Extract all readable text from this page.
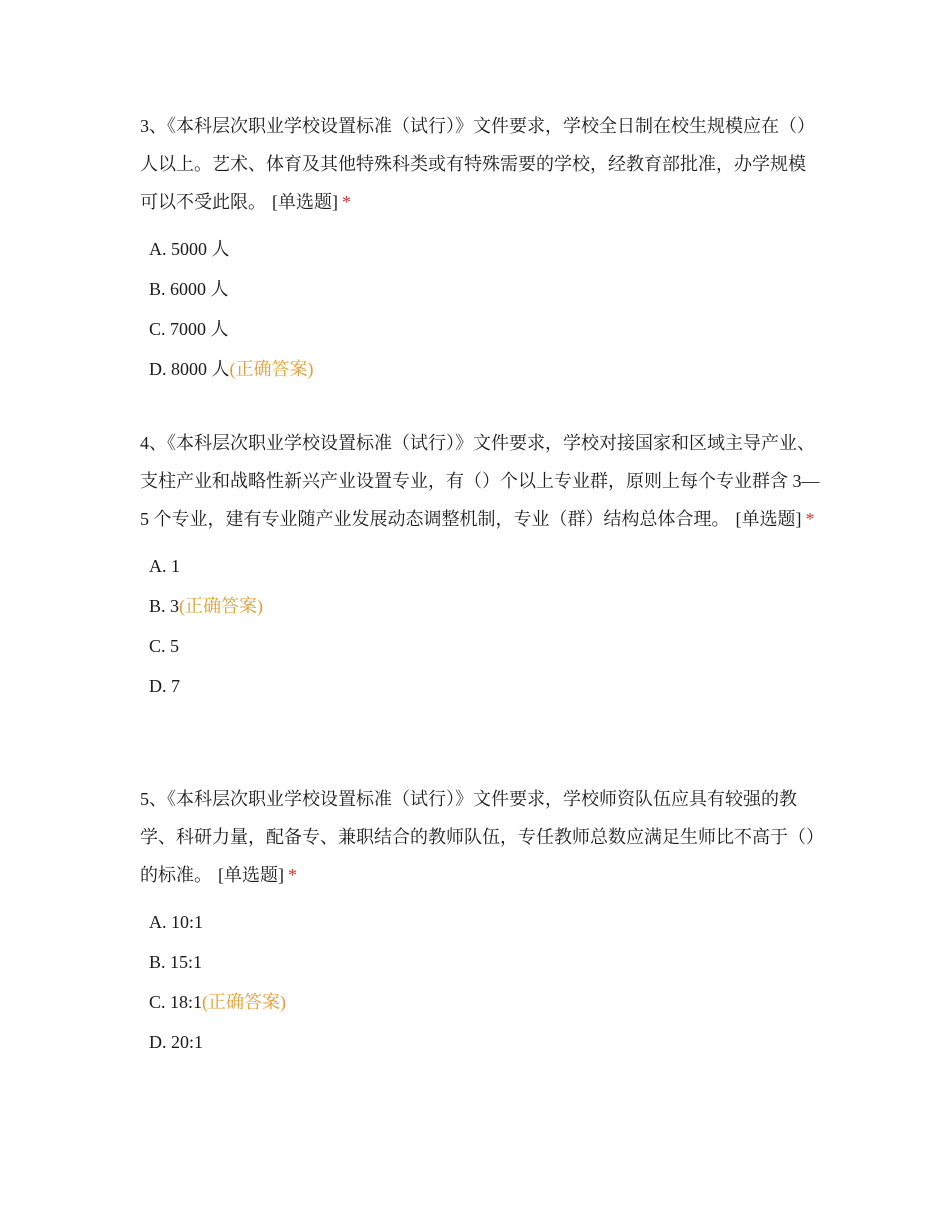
3、《本科层次职业学校设置标准（试行）》文件要求，学校全日制在校生规模应在（）人以上。艺术、体育及其他特殊科类或有特殊需要的学校，经教育部批准，办学规模可以不受此限。 [单选题] *

A. 5000 人
B. 6000 人
C. 7000 人
D. 8000 人(正确答案)

4、《本科层次职业学校设置标准（试行）》文件要求，学校对接国家和区域主导产业、支柱产业和战略性新兴产业设置专业，有（）个以上专业群，原则上每个专业群含 3—5 个专业，建有专业随产业发展动态调整机制，专业（群）结构总体合理。 [单选题] *

A. 1
B. 3(正确答案)
C. 5
D. 7

5、《本科层次职业学校设置标准（试行）》文件要求，学校师资队伍应具有较强的教学、科研力量，配备专、兼职结合的教师队伍，专任教师总数应满足生师比不高于（）的标准。 [单选题] *

A. 10:1
B. 15:1
C. 18:1(正确答案)
D. 20:1
